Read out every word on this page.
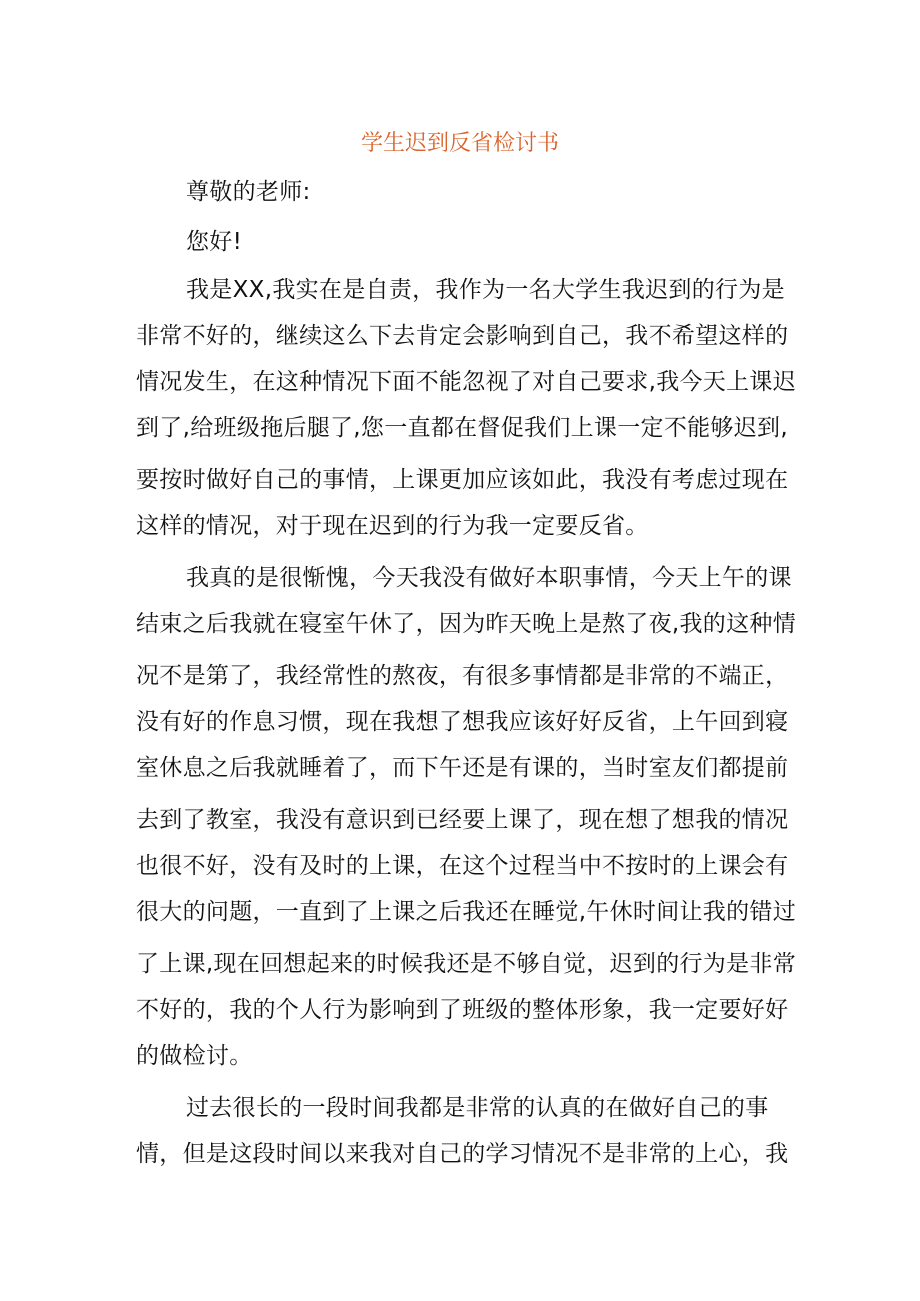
学生迟到反省检讨书
尊敬的老师:
您好!
我是XX,我实在是自责，我作为一名大学生我迟到的行为是
非常不好的，继续这么下去肯定会影响到自己，我不希望这样的
情况发生，在这种情况下面不能忽视了对自己要求,我今天上课迟
到了,给班级拖后腿了,您一直都在督促我们上课一定不能够迟到,
要按时做好自己的事情，上课更加应该如此，我没有考虑过现在
这样的情况，对于现在迟到的行为我一定要反省。
我真的是很惭愧，今天我没有做好本职事情，今天上午的课
结束之后我就在寝室午休了，因为昨天晚上是熬了夜,我的这种情
况不是第了，我经常性的熬夜，有很多事情都是非常的不端正，
没有好的作息习惯，现在我想了想我应该好好反省，上午回到寝
室休息之后我就睡着了，而下午还是有课的，当时室友们都提前
去到了教室，我没有意识到已经要上课了，现在想了想我的情况
也很不好，没有及时的上课，在这个过程当中不按时的上课会有
很大的问题，一直到了上课之后我还在睡觉,午休时间让我的错过
了上课,现在回想起来的时候我还是不够自觉，迟到的行为是非常
不好的，我的个人行为影响到了班级的整体形象，我一定要好好
的做检讨。
过去很长的一段时间我都是非常的认真的在做好自己的事
情，但是这段时间以来我对自己的学习情况不是非常的上心，我
